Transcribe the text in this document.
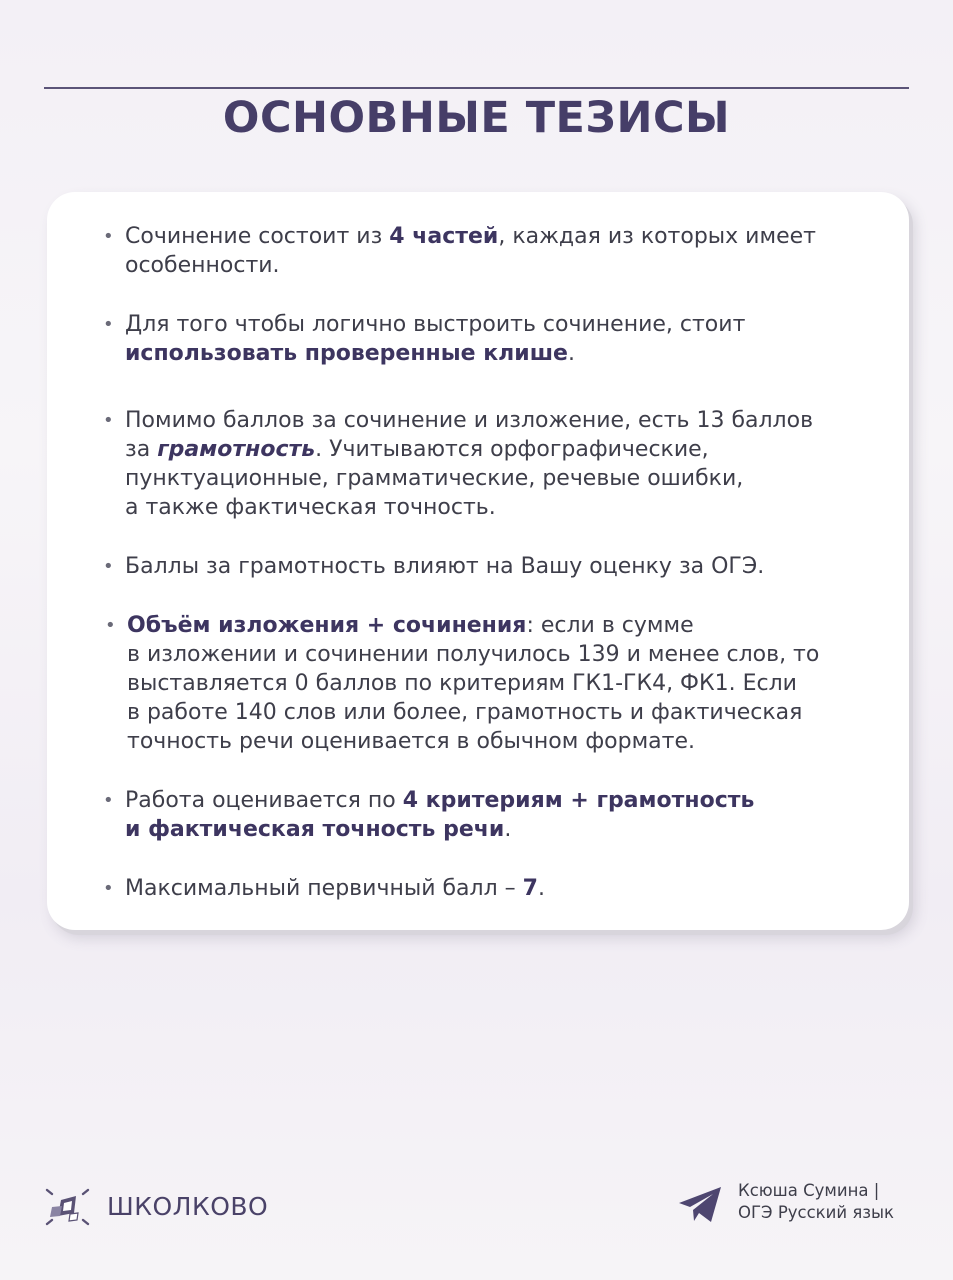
ОСНОВНЫЕ ТЕЗИСЫ
• Сочинение состоит из 4 частей, каждая из которых имеет
особенности.
• Для того чтобы логично выстроить сочинение, стоит
использовать проверенные клише.
• Помимо баллов за сочинение и изложение, есть 13 баллов
за грамотность. Учитываются орфографические,
пунктуационные, грамматические, речевые ошибки,
а также фактическая точность.
• Баллы за грамотность влияют на Вашу оценку за ОГЭ.
• Объём изложения + сочинения: если в сумме
в изложении и сочинении получилось 139 и менее слов, то
выставляется 0 баллов по критериям ГК1-ГК4, ФК1. Если
в работе 140 слов или более, грамотность и фактическая
точность речи оценивается в обычном формате.
• Работа оценивается по 4 критериям + грамотность
и фактическая точность речи.
• Максимальный первичный балл – 7.
ШКОЛКОВО
Ксюша Сумина |
ОГЭ Русский язык
